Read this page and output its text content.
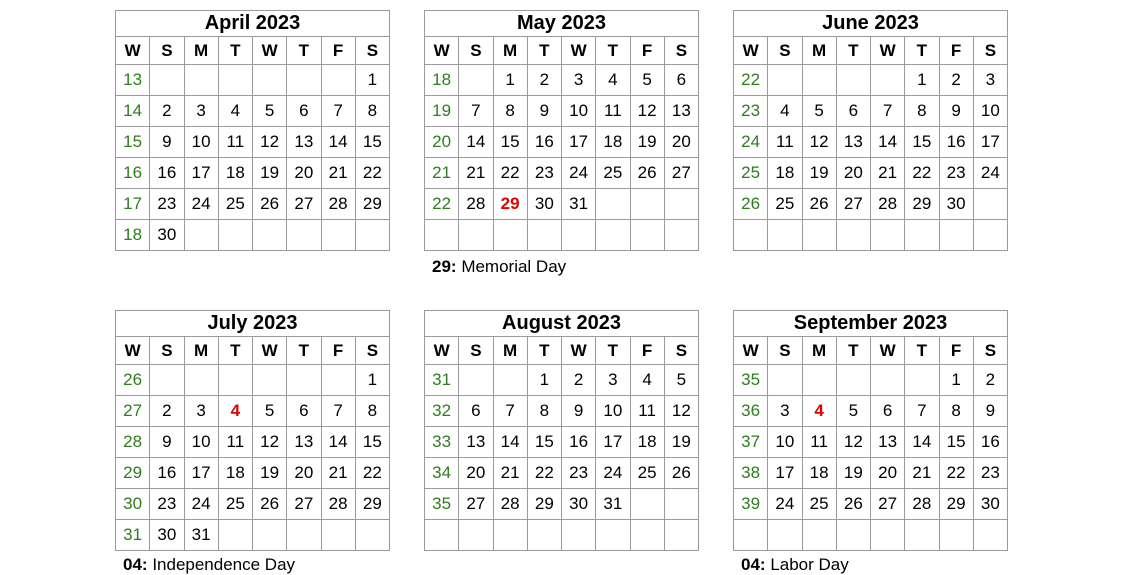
April 2023							
W	S	M	T	W	T	F	S
13							1
14	2	3	4	5	6	7	8
15	9	10	11	12	13	14	15
16	16	17	18	19	20	21	22
17	23	24	25	26	27	28	29
18	30						
May 2023							
W	S	M	T	W	T	F	S
18		1	2	3	4	5	6
19	7	8	9	10	11	12	13
20	14	15	16	17	18	19	20
21	21	22	23	24	25	26	27
22	28	29	30	31			

June 2023							
W	S	M	T	W	T	F	S
22					1	2	3
23	4	5	6	7	8	9	10
24	11	12	13	14	15	16	17
25	18	19	20	21	22	23	24
26	25	26	27	28	29	30	

July 2023							
W	S	M	T	W	T	F	S
26							1
27	2	3	4	5	6	7	8
28	9	10	11	12	13	14	15
29	16	17	18	19	20	21	22
30	23	24	25	26	27	28	29
31	30	31					
August 2023							
W	S	M	T	W	T	F	S
31			1	2	3	4	5
32	6	7	8	9	10	11	12
33	13	14	15	16	17	18	19
34	20	21	22	23	24	25	26
35	27	28	29	30	31		

September 2023							
W	S	M	T	W	T	F	S
35						1	2
36	3	4	5	6	7	8	9
37	10	11	12	13	14	15	16
38	17	18	19	20	21	22	23
39	24	25	26	27	28	29	30

29: Memorial Day
04: Independence Day	04: Labor Day
